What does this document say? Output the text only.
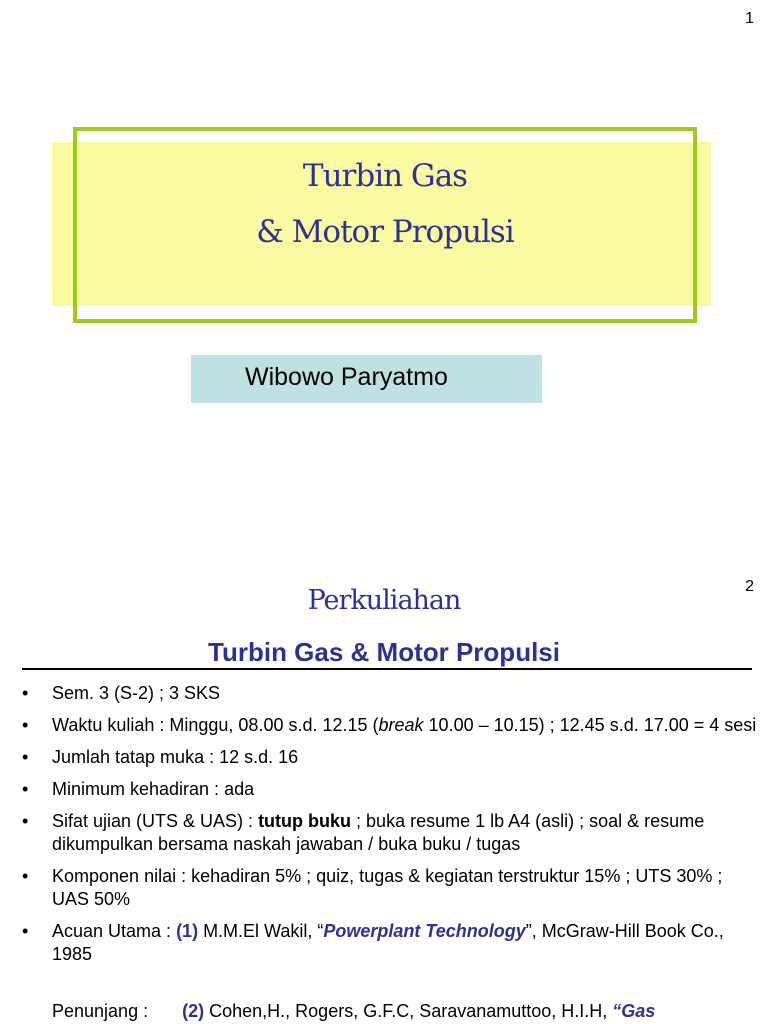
1
Turbin Gas
& Motor Propulsi
Wibowo Paryatmo
2
Perkuliahan
Turbin Gas & Motor Propulsi
• Sem. 3 (S-2) ; 3 SKS
• Waktu kuliah : Minggu, 08.00 s.d. 12.15 (break 10.00 – 10.15) ; 12.45 s.d. 17.00 = 4 sesi
• Jumlah tatap muka : 12 s.d. 16
• Minimum kehadiran : ada
• Sifat ujian (UTS & UAS) : tutup buku ; buka resume 1 lb A4 (asli) ; soal & resume dikumpulkan bersama naskah jawaban / buka buku / tugas
• Komponen nilai : kehadiran 5% ; quiz, tugas & kegiatan terstruktur 15% ; UTS 30% ; UAS 50%
• Acuan Utama : (1) M.M.El Wakil, “Powerplant Technology”, McGraw-Hill Book Co., 1985
Penunjang : (2) Cohen,H., Rogers, G.F.C, Saravanamuttoo, H.I.H, “Gas
